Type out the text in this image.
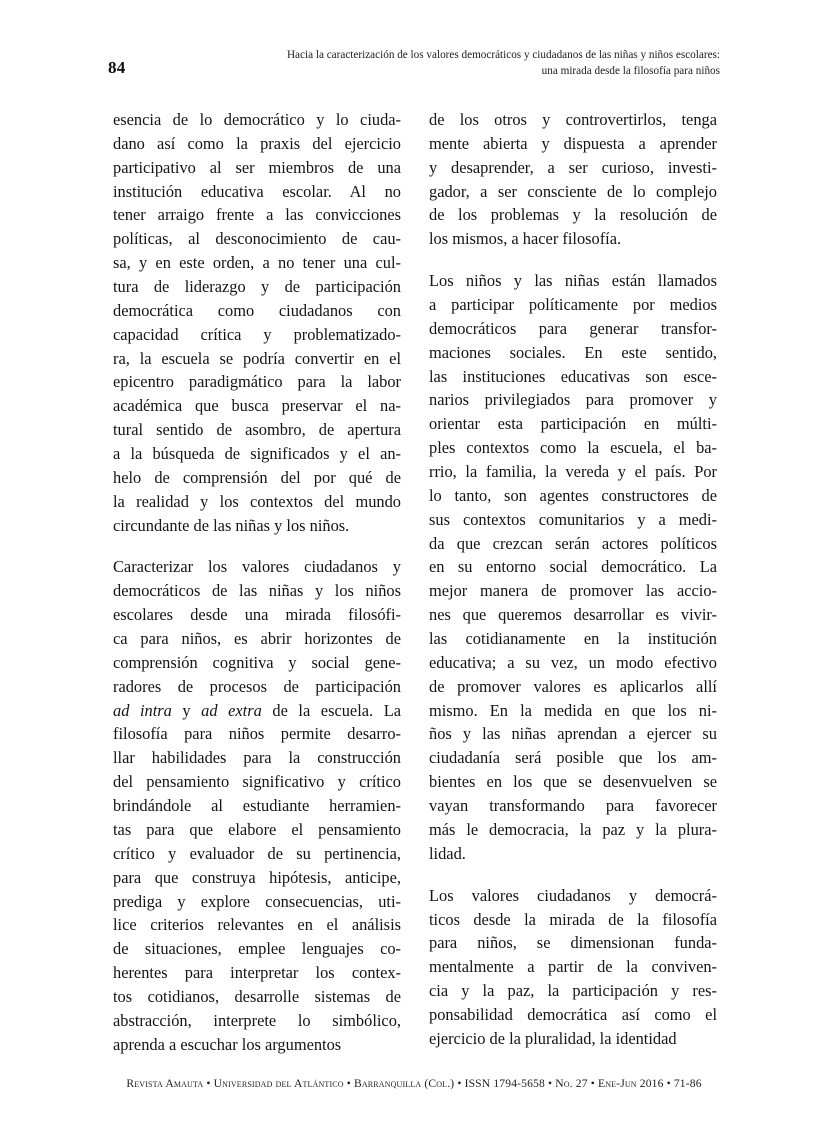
84
Hacia la caracterización de los valores democráticos y ciudadanos de las niñas y niños escolares:
una mirada desde la filosofía para niños

esencia de lo democrático y lo ciuda-
dano así como la praxis del ejercicio
participativo al ser miembros de una
institución educativa escolar. Al no
tener arraigo frente a las convicciones
políticas, al desconocimiento de cau-
sa, y en este orden, a no tener una cul-
tura de liderazgo y de participación
democrática como ciudadanos con
capacidad crítica y problematizado-
ra, la escuela se podría convertir en el
epicentro paradigmático para la labor
académica que busca preservar el na-
tural sentido de asombro, de apertura
a la búsqueda de significados y el an-
helo de comprensión del por qué de
la realidad y los contextos del mundo
circundante de las niñas y los niños.

Caracterizar los valores ciudadanos y
democráticos de las niñas y los niños
escolares desde una mirada filosófi-
ca para niños, es abrir horizontes de
comprensión cognitiva y social gene-
radores de procesos de participación
ad intra y ad extra de la escuela. La
filosofía para niños permite desarro-
llar habilidades para la construcción
del pensamiento significativo y crítico
brindándole al estudiante herramien-
tas para que elabore el pensamiento
crítico y evaluador de su pertinencia,
para que construya hipótesis, anticipe,
prediga y explore consecuencias, uti-
lice criterios relevantes en el análisis
de situaciones, emplee lenguajes co-
herentes para interpretar los contex-
tos cotidianos, desarrolle sistemas de
abstracción, interprete lo simbólico,
aprenda a escuchar los argumentos

de los otros y controvertirlos, tenga
mente abierta y dispuesta a aprender
y desaprender, a ser curioso, investi-
gador, a ser consciente de lo complejo
de los problemas y la resolución de
los mismos, a hacer filosofía.

Los niños y las niñas están llamados
a participar políticamente por medios
democráticos para generar transfor-
maciones sociales. En este sentido,
las instituciones educativas son esce-
narios privilegiados para promover y
orientar esta participación en múlti-
ples contextos como la escuela, el ba-
rrio, la familia, la vereda y el país. Por
lo tanto, son agentes constructores de
sus contextos comunitarios y a medi-
da que crezcan serán actores políticos
en su entorno social democrático. La
mejor manera de promover las accio-
nes que queremos desarrollar es vivir-
las cotidianamente en la institución
educativa; a su vez, un modo efectivo
de promover valores es aplicarlos allí
mismo. En la medida en que los ni-
ños y las niñas aprendan a ejercer su
ciudadanía será posible que los am-
bientes en los que se desenvuelven se
vayan transformando para favorecer
más le democracia, la paz y la plura-
lidad.

Los valores ciudadanos y democrá-
ticos desde la mirada de la filosofía
para niños, se dimensionan funda-
mentalmente a partir de la conviven-
cia y la paz, la participación y res-
ponsabilidad democrática así como el
ejercicio de la pluralidad, la identidad

Revista Amauta • Universidad del Atlántico • Barranquilla (Col.) • ISSN 1794-5658 • No. 27 • Ene-Jun 2016 • 71-86
